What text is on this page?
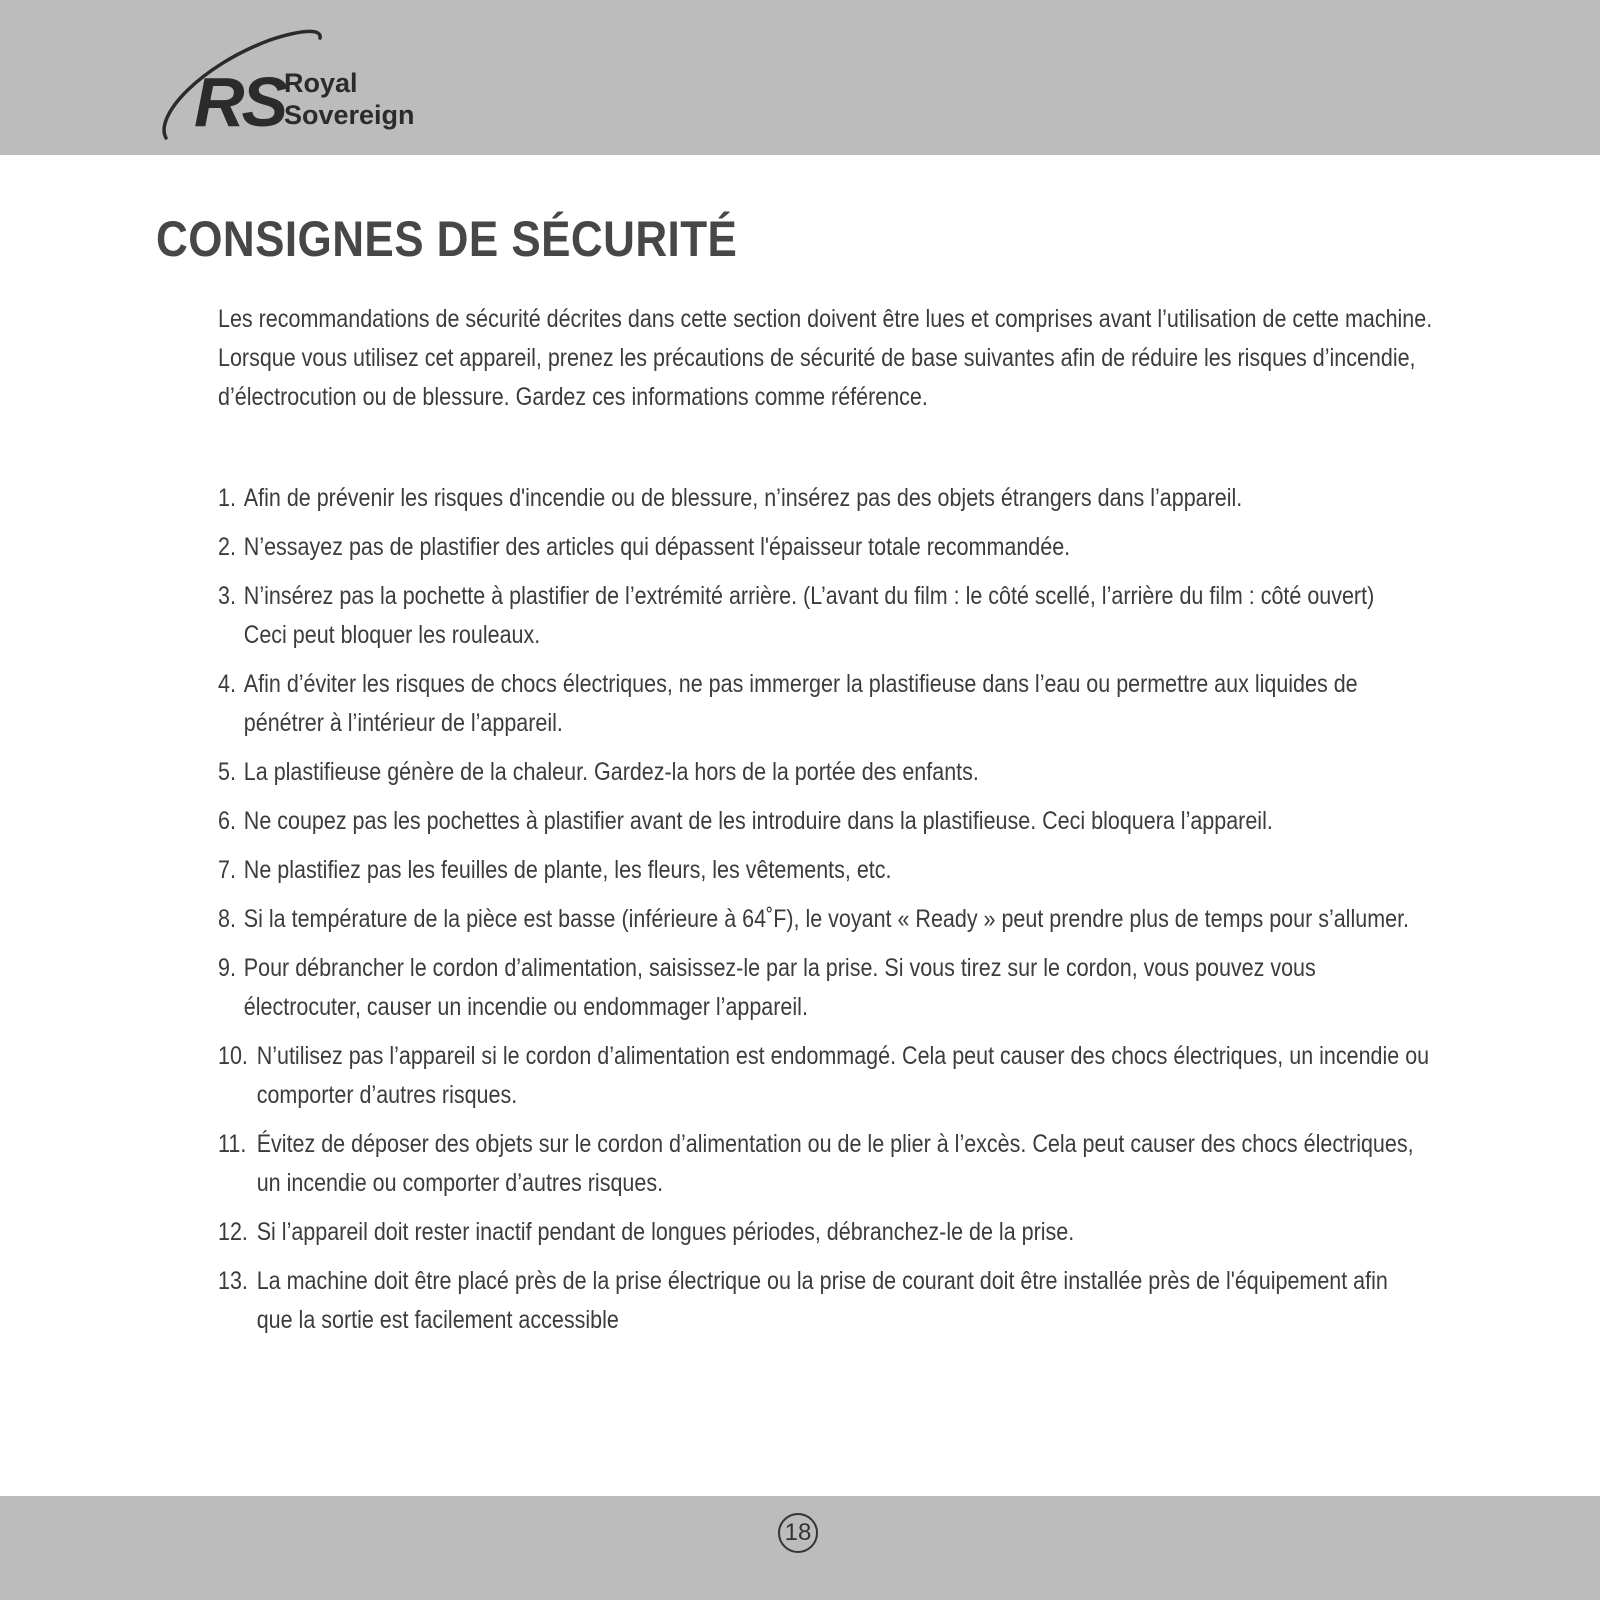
RS
Royal
Sovereign
CONSIGNES DE SÉCURITÉ

Les recommandations de sécurité décrites dans cette section doivent être lues et comprises avant l’utilisation de cette machine.
Lorsque vous utilisez cet appareil, prenez les précautions de sécurité de base suivantes afin de réduire les risques d’incendie,
d’électrocution ou de blessure. Gardez ces informations comme référence.

1. Afin de prévenir les risques d'incendie ou de blessure, n’insérez pas des objets étrangers dans l’appareil.
2. N’essayez pas de plastifier des articles qui dépassent l'épaisseur totale recommandée.
3. N’insérez pas la pochette à plastifier de l’extrémité arrière. (L’avant du film : le côté scellé, l’arrière du film : côté ouvert)
Ceci peut bloquer les rouleaux.
4. Afin d’éviter les risques de chocs électriques, ne pas immerger la plastifieuse dans l’eau ou permettre aux liquides de
pénétrer à l’intérieur de l’appareil.
5. La plastifieuse génère de la chaleur. Gardez-la hors de la portée des enfants.
6. Ne coupez pas les pochettes à plastifier avant de les introduire dans la plastifieuse. Ceci bloquera l’appareil.
7. Ne plastifiez pas les feuilles de plante, les fleurs, les vêtements, etc.
8. Si la température de la pièce est basse (inférieure à 64˚F), le voyant « Ready » peut prendre plus de temps pour s’allumer.
9. Pour débrancher le cordon d’alimentation, saisissez-le par la prise. Si vous tirez sur le cordon, vous pouvez vous
électrocuter, causer un incendie ou endommager l’appareil.
10. N’utilisez pas l’appareil si le cordon d’alimentation est endommagé. Cela peut causer des chocs électriques, un incendie ou
comporter d’autres risques.
11. Évitez de déposer des objets sur le cordon d’alimentation ou de le plier à l’excès. Cela peut causer des chocs électriques,
un incendie ou comporter d’autres risques.
12. Si l’appareil doit rester inactif pendant de longues périodes, débranchez-le de la prise.
13. La machine doit être placé près de la prise électrique ou la prise de courant doit être installée près de l'équipement afin
que la sortie est facilement accessible
18
